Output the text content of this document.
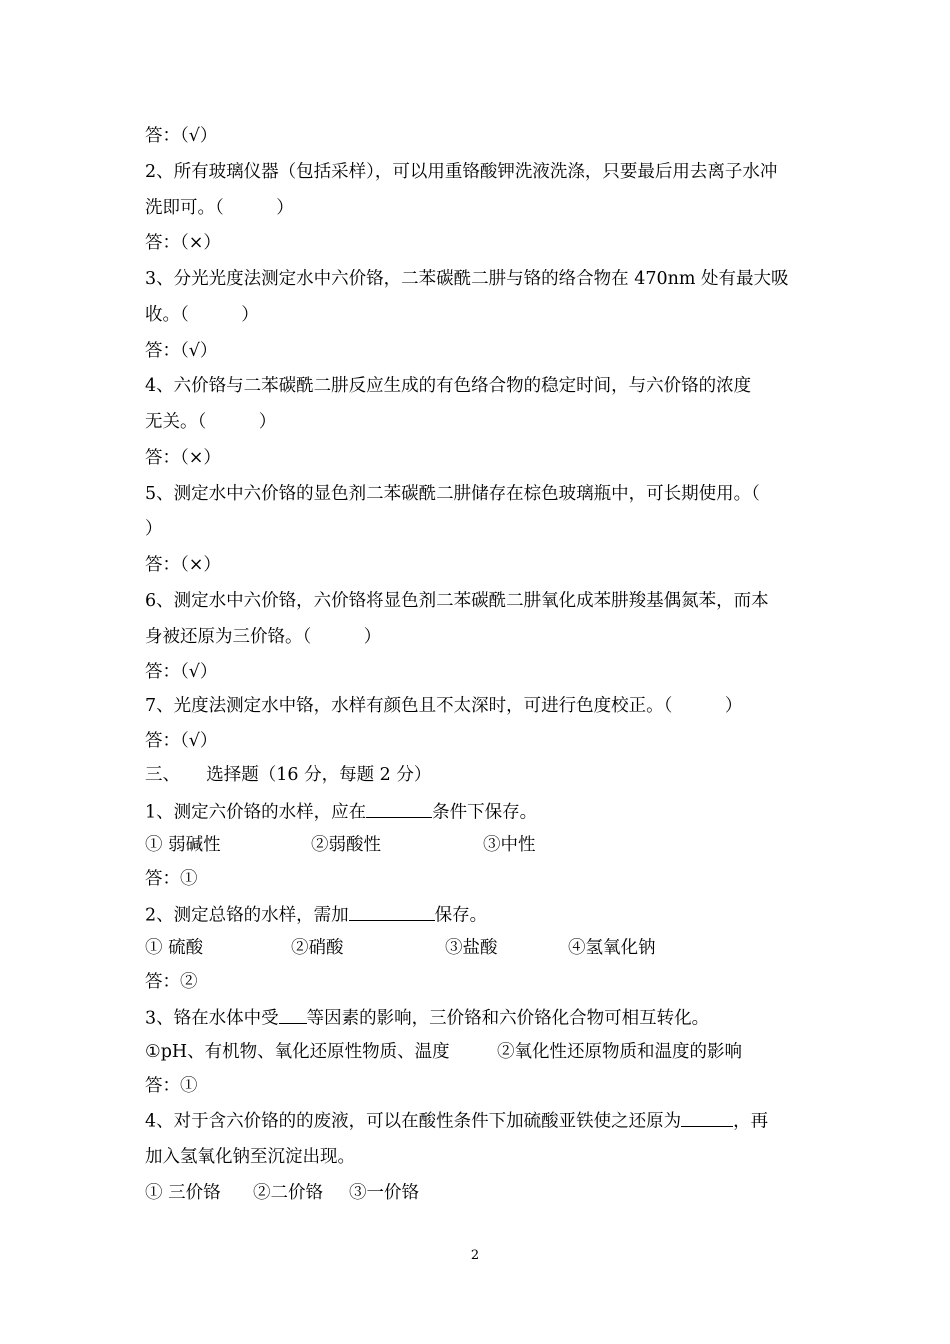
答：（√）
2、所有玻璃仪器（包括采样），可以用重铬酸钾洗液洗涤，只要最后用去离子水冲
洗即可。（　　　）
答：（×）
3、分光光度法测定水中六价铬，二苯碳酰二肼与铬的络合物在 470nm 处有最大吸
收。（　　　）
答：（√）
4、六价铬与二苯碳酰二肼反应生成的有色络合物的稳定时间，与六价铬的浓度
无关。（　　　）
答：（×）
5、测定水中六价铬的显色剂二苯碳酰二肼储存在棕色玻璃瓶中，可长期使用。（
）
答：（×）
6、测定水中六价铬，六价铬将显色剂二苯碳酰二肼氧化成苯肼羧基偶氮苯，而本
身被还原为三价铬。（　　　）
答：（√）
7、光度法测定水中铬，水样有颜色且不太深时，可进行色度校正。（　　　）
答：（√）
三、　　选择题（16 分，每题 2 分）
1、测定六价铬的水样，应在	条件下保存。
① 弱碱性	②弱酸性	③中性
答：①
2、测定总铬的水样，需加	保存。
① 硫酸	②硝酸	③盐酸	④氢氧化钠
答：②
3、铬在水体中受 等因素的影响，三价铬和六价铬化合物可相互转化。
①pH、有机物、氧化还原性物质、温度	②氧化性还原物质和温度的影响
答：①
4、对于含六价铬的的废液，可以在酸性条件下加硫酸亚铁使之还原为	，再
加入氢氧化钠至沉淀出现。
① 三价铬 ②二价铬 ③一价铬
2
